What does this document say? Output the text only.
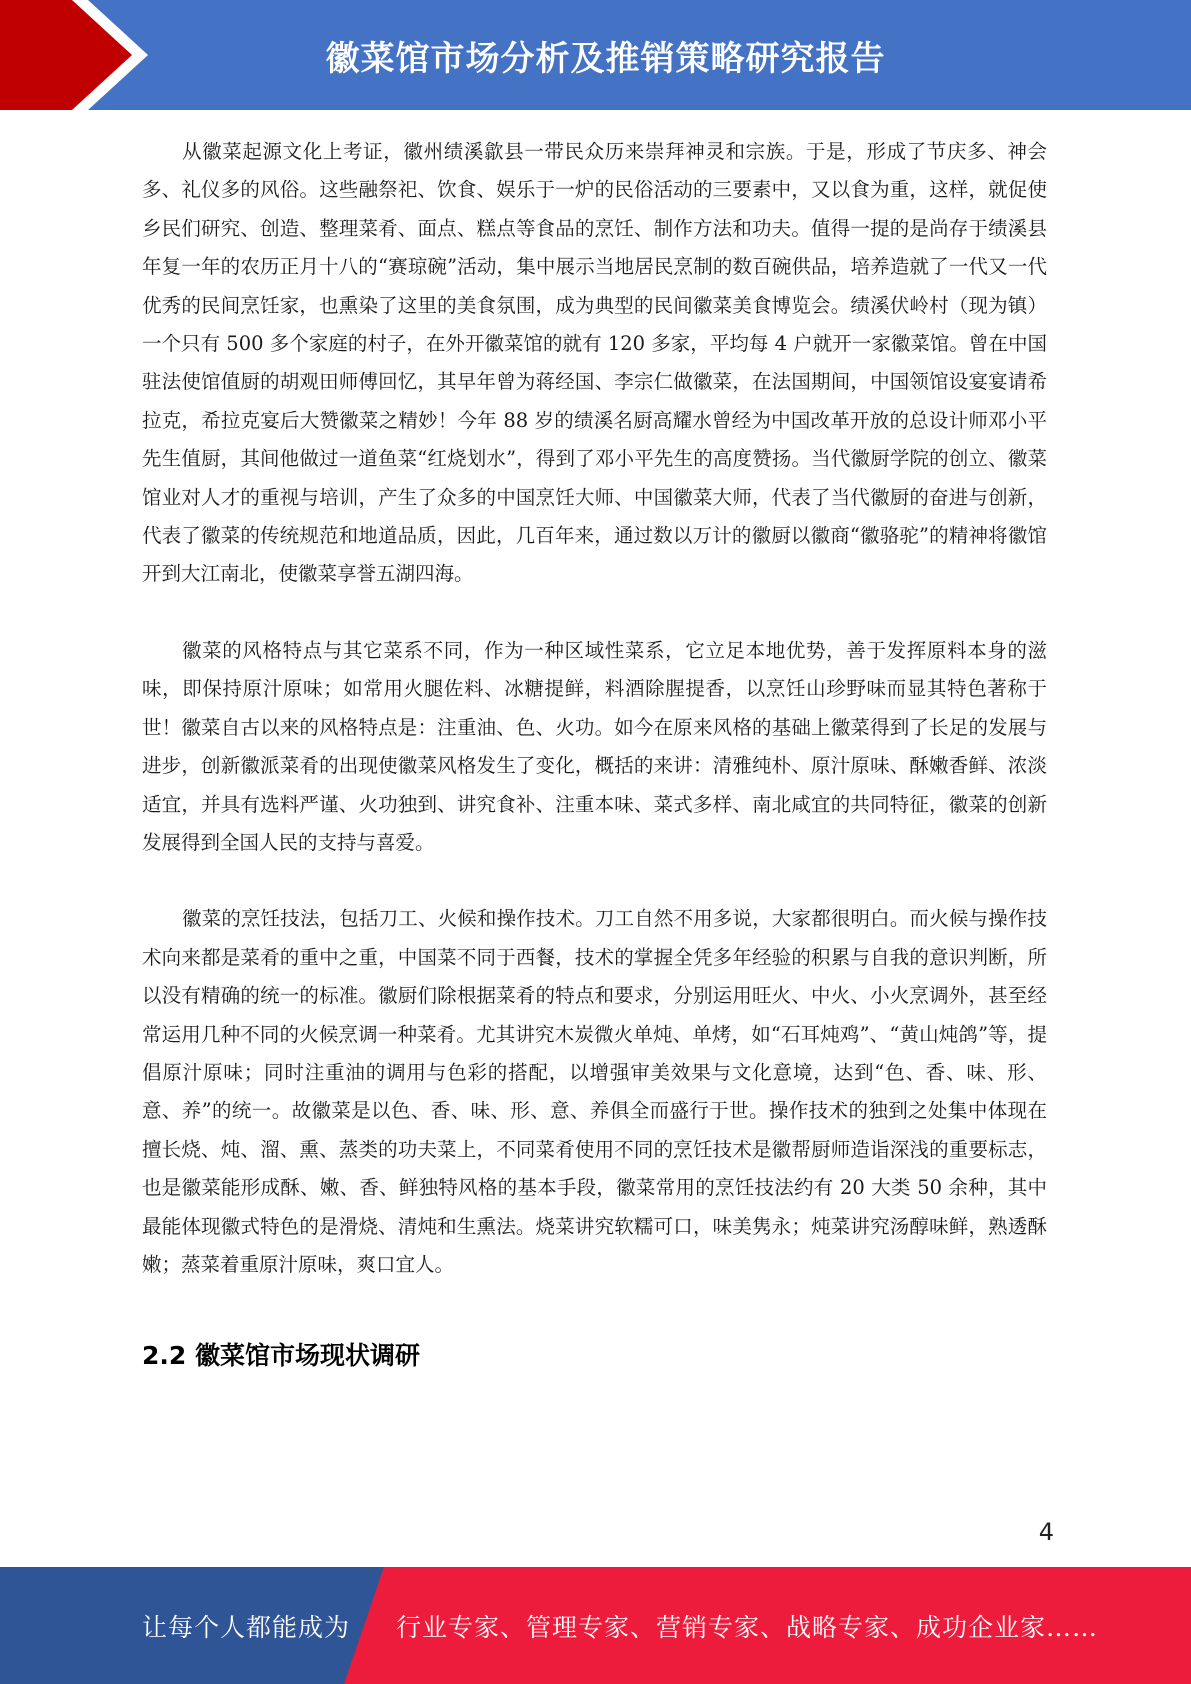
徽菜馆市场分析及推销策略研究报告

从徽菜起源文化上考证，徽州绩溪歙县一带民众历来崇拜神灵和宗族。于是，形成了节庆多、神会多、礼仪多的风俗。这些融祭祀、饮食、娱乐于一炉的民俗活动的三要素中，又以食为重，这样，就促使乡民们研究、创造、整理菜肴、面点、糕点等食品的烹饪、制作方法和功夫。值得一提的是尚存于绩溪县年复一年的农历正月十八的“赛琼碗”活动，集中展示当地居民烹制的数百碗供品，培养造就了一代又一代优秀的民间烹饪家，也熏染了这里的美食氛围，成为典型的民间徽菜美食博览会。绩溪伏岭村（现为镇）一个只有 500 多个家庭的村子，在外开徽菜馆的就有 120 多家，平均每 4 户就开一家徽菜馆。曾在中国驻法使馆值厨的胡观田师傅回忆，其早年曾为蒋经国、李宗仁做徽菜，在法国期间，中国领馆设宴宴请希拉克，希拉克宴后大赞徽菜之精妙！今年 88 岁的绩溪名厨高耀水曾经为中国改革开放的总设计师邓小平先生值厨，其间他做过一道鱼菜“红烧划水”，得到了邓小平先生的高度赞扬。当代徽厨学院的创立、徽菜馆业对人才的重视与培训，产生了众多的中国烹饪大师、中国徽菜大师，代表了当代徽厨的奋进与创新，代表了徽菜的传统规范和地道品质，因此，几百年来，通过数以万计的徽厨以徽商“徽骆驼”的精神将徽馆开到大江南北，使徽菜享誉五湖四海。

徽菜的风格特点与其它菜系不同，作为一种区域性菜系，它立足本地优势，善于发挥原料本身的滋味，即保持原汁原味；如常用火腿佐料、冰糖提鲜，料酒除腥提香，以烹饪山珍野味而显其特色著称于世！徽菜自古以来的风格特点是：注重油、色、火功。如今在原来风格的基础上徽菜得到了长足的发展与进步，创新徽派菜肴的出现使徽菜风格发生了变化，概括的来讲：清雅纯朴、原汁原味、酥嫩香鲜、浓淡适宜，并具有选料严谨、火功独到、讲究食补、注重本味、菜式多样、南北咸宜的共同特征，徽菜的创新发展得到全国人民的支持与喜爱。

徽菜的烹饪技法，包括刀工、火候和操作技术。刀工自然不用多说，大家都很明白。而火候与操作技术向来都是菜肴的重中之重，中国菜不同于西餐，技术的掌握全凭多年经验的积累与自我的意识判断，所以没有精确的统一的标准。徽厨们除根据菜肴的特点和要求，分别运用旺火、中火、小火烹调外，甚至经常运用几种不同的火候烹调一种菜肴。尤其讲究木炭微火单炖、单烤，如“石耳炖鸡”、“黄山炖鸽”等，提倡原汁原味；同时注重油的调用与色彩的搭配，以增强审美效果与文化意境，达到“色、香、味、形、意、养”的统一。故徽菜是以色、香、味、形、意、养俱全而盛行于世。操作技术的独到之处集中体现在擅长烧、炖、溜、熏、蒸类的功夫菜上，不同菜肴使用不同的烹饪技术是徽帮厨师造诣深浅的重要标志，也是徽菜能形成酥、嫩、香、鲜独特风格的基本手段，徽菜常用的烹饪技法约有 20 大类 50 余种，其中最能体现徽式特色的是滑烧、清炖和生熏法。烧菜讲究软糯可口，味美隽永；炖菜讲究汤醇味鲜，熟透酥嫩；蒸菜着重原汁原味，爽口宜人。

2.2 徽菜馆市场现状调研
4
让每个人都能成为 行业专家、管理专家、营销专家、战略专家、成功企业家……
